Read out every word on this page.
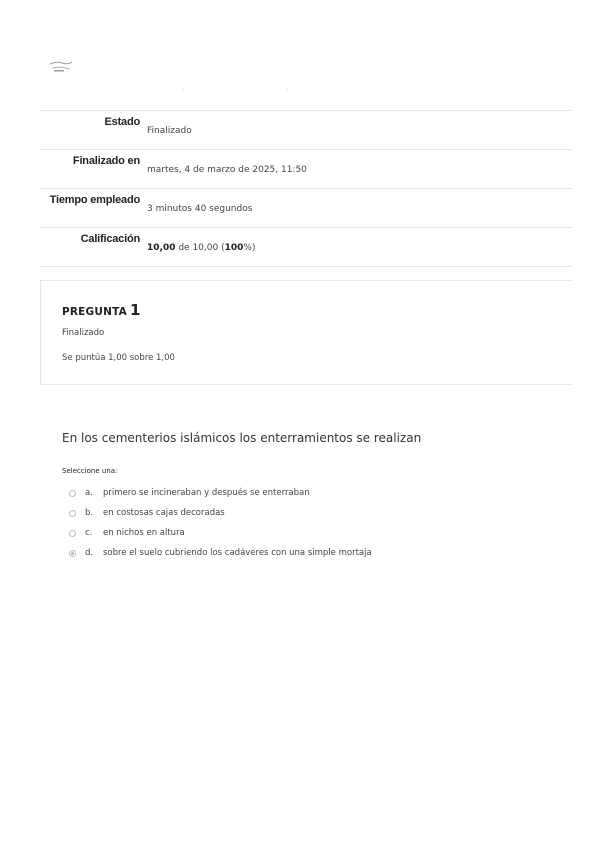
.	.
Estado
Finalizado
Finalizado en
martes, 4 de marzo de 2025, 11:50
Tiempo empleado
3 minutos 40 segundos
Calificación
10,00 de 10,00 (100%)
PREGUNTA 1
Finalizado
Se puntúa 1,00 sobre 1,00
En los cementerios islámicos los enterramientos se realizan
Seleccione una:
a. primero se incineraban y después se enterraban
b. en costosas cajas decoradas
c. en nichos en altura
d. sobre el suelo cubriendo los cadáveres con una simple mortaja
